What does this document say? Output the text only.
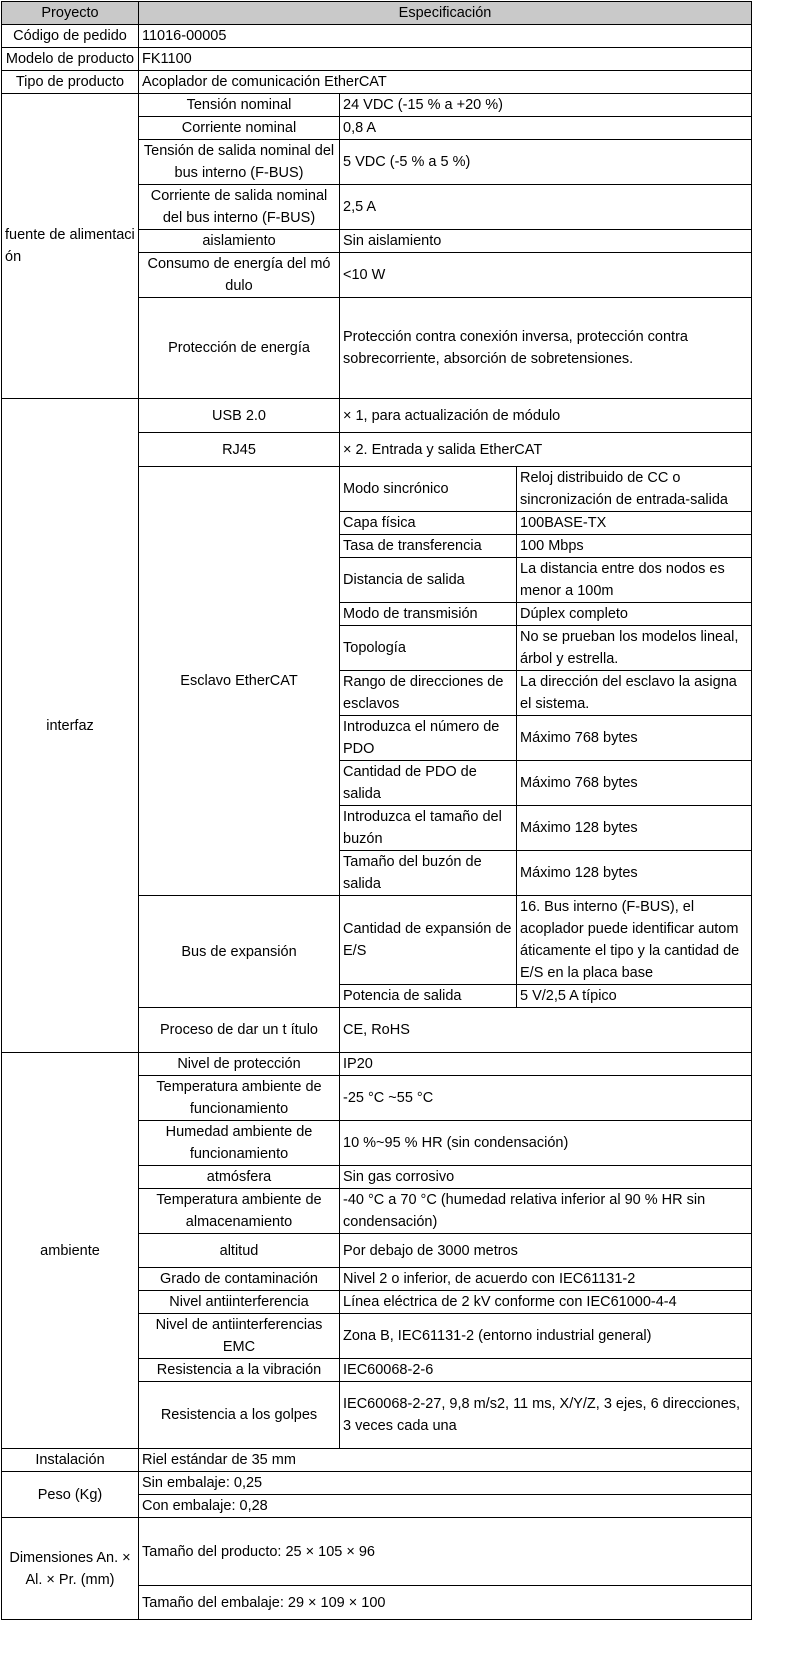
Proyecto	Especificación		
Código de pedido	11016-00005		
Modelo de producto	FK1100		
Tipo de producto	Acoplador de comunicación EtherCAT		
fuente de alimentaci ón	Tensión nominal	24 VDC (-15 % a +20 %)	
	Corriente nominal	0,8 A	
	Tensión de salida nominal del bus interno (F-BUS)	5 VDC (-5 % a 5 %)	
	Corriente de salida nominal del bus interno (F-BUS)	2,5 A	
	aislamiento	Sin aislamiento	
	Consumo de energía del mó dulo	<10 W	
	Protección de energía	Protección contra conexión inversa, protección contra sobrecorriente, absorción de sobretensiones.	
interfaz	USB 2.0	× 1, para actualización de módulo	
	RJ45	× 2. Entrada y salida EtherCAT	
	Esclavo EtherCAT	Modo sincrónico	Reloj distribuido de CC o sincronización de entrada-salida
		Capa física	100BASE-TX
		Tasa de transferencia	100 Mbps
		Distancia de salida	La distancia entre dos nodos es menor a 100m
		Modo de transmisión	Dúplex completo
		Topología	No se prueban los modelos lineal, árbol y estrella.
		Rango de direcciones de esclavos	La dirección del esclavo la asigna el sistema.
		Introduzca el número de PDO	Máximo 768 bytes
		Cantidad de PDO de salida	Máximo 768 bytes
		Introduzca el tamaño del buzón	Máximo 128 bytes
		Tamaño del buzón de salida	Máximo 128 bytes
	Bus de expansión	Cantidad de expansión de E/S	16. Bus interno (F-BUS), el acoplador puede identificar autom áticamente el tipo y la cantidad de E/S en la placa base
		Potencia de salida	5 V/2,5 A típico
	Proceso de dar un t ítulo	CE, RoHS	
ambiente	Nivel de protección	IP20	
	Temperatura ambiente de funcionamiento	-25 °C ~55 °C	
	Humedad ambiente de funcionamiento	10 %~95 % HR (sin condensación)	
	atmósfera	Sin gas corrosivo	
	Temperatura ambiente de almacenamiento	-40 °C a 70 °C (humedad relativa inferior al 90 % HR sin condensación)	
	altitud	Por debajo de 3000 metros	
	Grado de contaminación	Nivel 2 o inferior, de acuerdo con IEC61131-2	
	Nivel antiinterferencia	Línea eléctrica de 2 kV conforme con IEC61000-4-4	
	Nivel de antiinterferencias EMC	Zona B, IEC61131-2 (entorno industrial general)	
	Resistencia a la vibración	IEC60068-2-6	
	Resistencia a los golpes	IEC60068-2-27, 9,8 m/s2, 11 ms, X/Y/Z, 3 ejes, 6 direcciones, 3 veces cada una	
Instalación	Riel estándar de 35 mm		
Peso (Kg)	Sin embalaje: 0,25		
	Con embalaje: 0,28		
Dimensiones An. × Al. × Pr. (mm)	Tamaño del producto: 25 × 105 × 96		
	Tamaño del embalaje: 29 × 109 × 100		
